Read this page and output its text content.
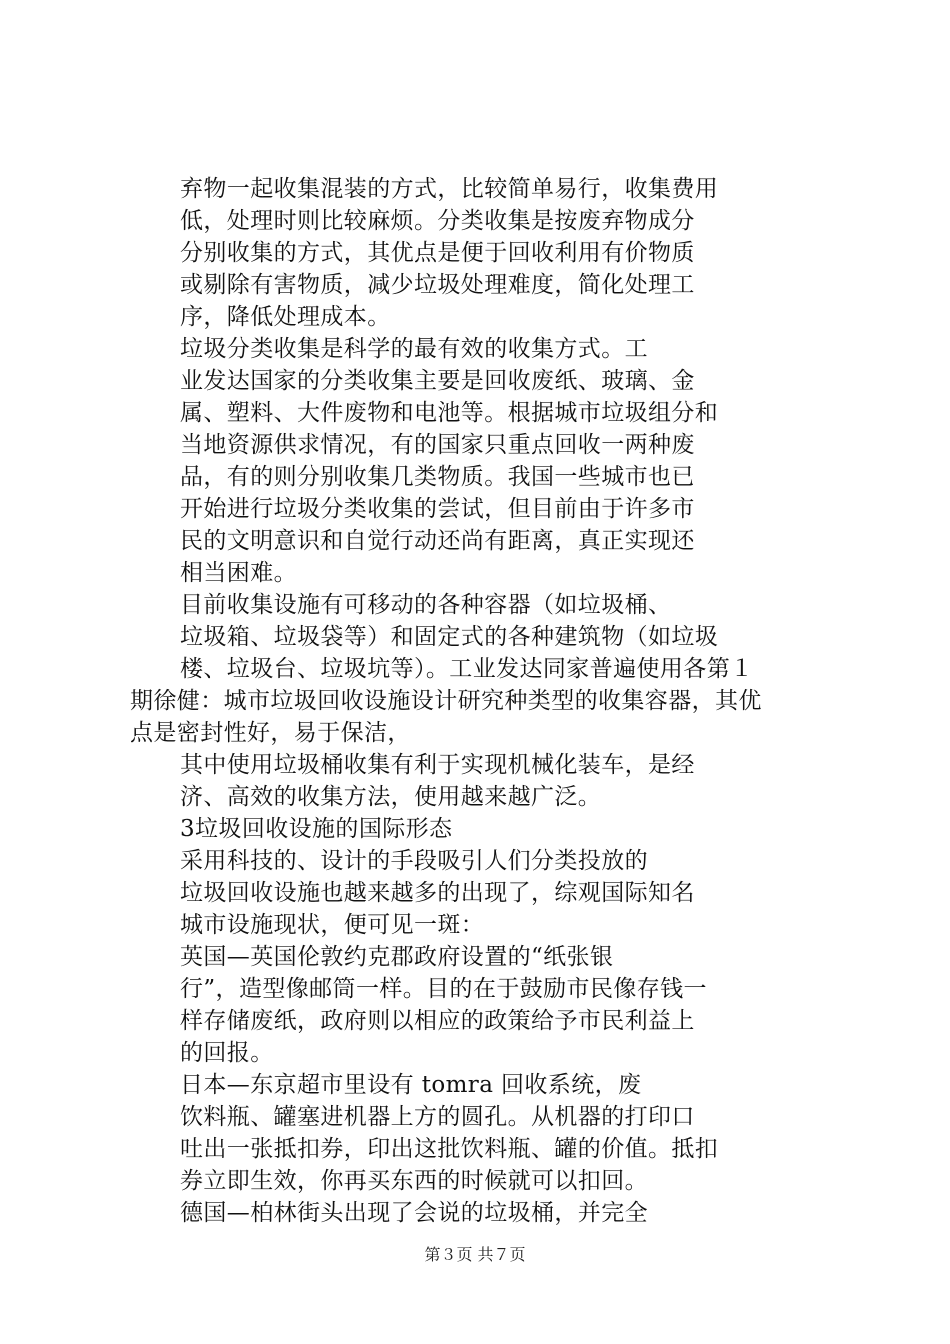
弃物一起收集混装的方式，比较简单易行，收集费用
低，处理时则比较麻烦。分类收集是按废弃物成分
分别收集的方式，其优点是便于回收利用有价物质
或剔除有害物质，减少垃圾处理难度，简化处理工
序，降低处理成本。
垃圾分类收集是科学的最有效的收集方式。工
业发达国家的分类收集主要是回收废纸、玻璃、金
属、塑料、大件废物和电池等。根据城市垃圾组分和
当地资源供求情况，有的国家只重点回收一两种废
品，有的则分别收集几类物质。我国一些城市也已
开始进行垃圾分类收集的尝试，但目前由于许多市
民的文明意识和自觉行动还尚有距离，真正实现还
相当困难。
目前收集设施有可移动的各种容器（如垃圾桶、
垃圾箱、垃圾袋等）和固定式的各种建筑物（如垃圾
楼、垃圾台、垃圾坑等）。工业发达同家普遍使用各第１
期徐健：城市垃圾回收设施设计研究种类型的收集容器，其优
点是密封性好，易于保洁，
其中使用垃圾桶收集有利于实现机械化装车，是经
济、高效的收集方法，使用越来越广泛。
3垃圾回收设施的国际形态
采用科技的、设计的手段吸引人们分类投放的
垃圾回收设施也越来越多的出现了，综观国际知名
城市设施现状，便可见一斑：
英国—英国伦敦约克郡政府设置的“纸张银
行”，造型像邮筒一样。目的在于鼓励市民像存钱一
样存储废纸，政府则以相应的政策给予市民利益上
的回报。
日本—东京超市里设有 tomra 回收系统，废
饮料瓶、罐塞进机器上方的圆孔。从机器的打印口
吐出一张抵扣券，印出这批饮料瓶、罐的价值。抵扣
券立即生效，你再买东西的时候就可以扣回。
德国—柏林街头出现了会说的垃圾桶，并完全
第３页 共７页
